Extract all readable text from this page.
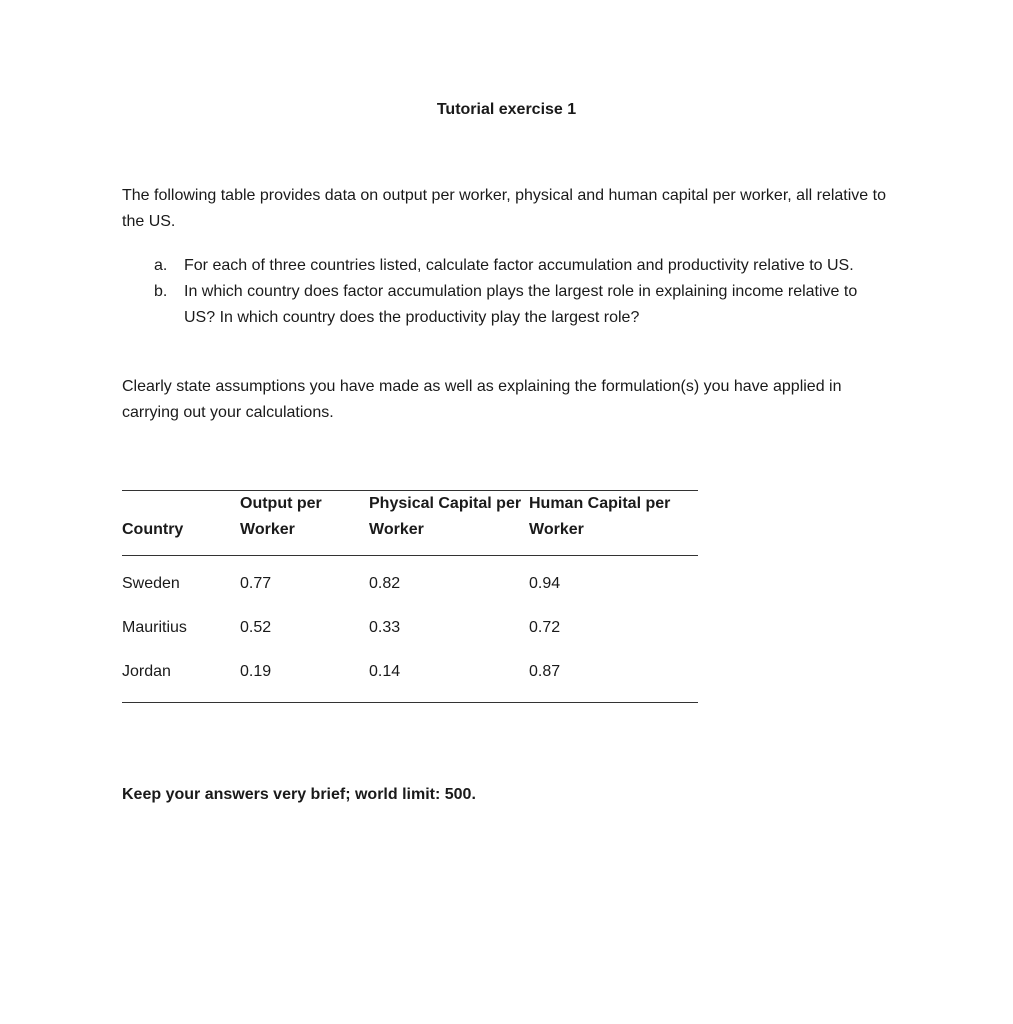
Tutorial exercise 1

The following table provides data on output per worker, physical and human capital per worker, all relative to the US.

a. For each of three countries listed, calculate factor accumulation and productivity relative to US.
b. In which country does factor accumulation plays the largest role in explaining income relative to US? In which country does the productivity play the largest role?

Clearly state assumptions you have made as well as explaining the formulation(s) you have applied in carrying out your calculations.

Country	Output per Worker	Physical Capital per Worker	Human Capital per Worker
Sweden	0.77	0.82	0.94
Mauritius	0.52	0.33	0.72
Jordan	0.19	0.14	0.87
Keep your answers very brief; world limit: 500.
